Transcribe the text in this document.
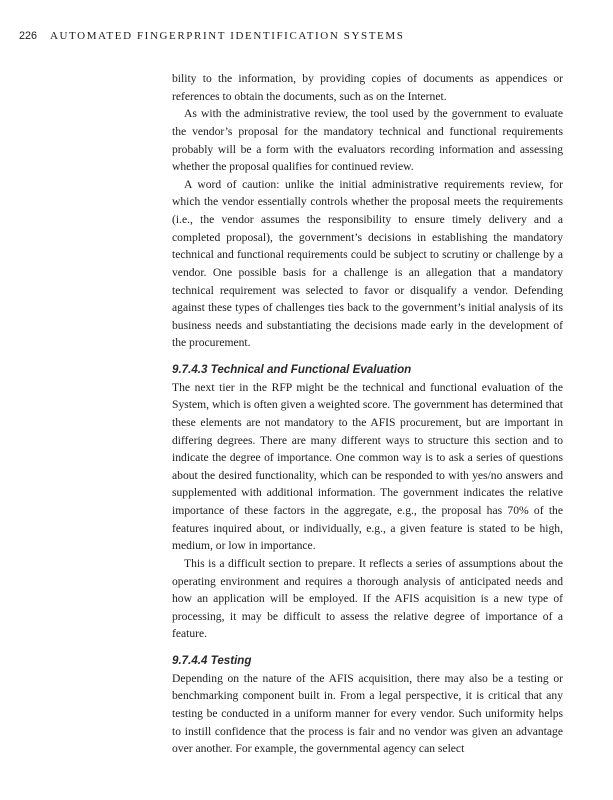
226 AUTOMATED FINGERPRINT IDENTIFICATION SYSTEMS

bility to the information, by providing copies of documents as appendices or references to obtain the documents, such as on the Internet.

As with the administrative review, the tool used by the government to evaluate the vendor’s proposal for the mandatory technical and functional requirements probably will be a form with the evaluators recording information and assessing whether the proposal qualifies for continued review.

A word of caution: unlike the initial administrative requirements review, for which the vendor essentially controls whether the proposal meets the requirements (i.e., the vendor assumes the responsibility to ensure timely delivery and a completed proposal), the government’s decisions in establishing the mandatory technical and functional requirements could be subject to scrutiny or challenge by a vendor. One possible basis for a challenge is an allegation that a mandatory technical requirement was selected to favor or disqualify a vendor. Defending against these types of challenges ties back to the government’s initial analysis of its business needs and substantiating the decisions made early in the development of the procurement.

9.7.4.3 Technical and Functional Evaluation

The next tier in the RFP might be the technical and functional evaluation of the System, which is often given a weighted score. The government has determined that these elements are not mandatory to the AFIS procurement, but are important in differing degrees. There are many different ways to structure this section and to indicate the degree of importance. One common way is to ask a series of questions about the desired functionality, which can be responded to with yes/no answers and supplemented with additional information. The government indicates the relative importance of these factors in the aggregate, e.g., the proposal has 70% of the features inquired about, or individually, e.g., a given feature is stated to be high, medium, or low in importance.

This is a difficult section to prepare. It reflects a series of assumptions about the operating environment and requires a thorough analysis of anticipated needs and how an application will be employed. If the AFIS acquisition is a new type of processing, it may be difficult to assess the relative degree of importance of a feature.

9.7.4.4 Testing

Depending on the nature of the AFIS acquisition, there may also be a testing or benchmarking component built in. From a legal perspective, it is critical that any testing be conducted in a uniform manner for every vendor. Such uniformity helps to instill confidence that the process is fair and no vendor was given an advantage over another. For example, the governmental agency can select
